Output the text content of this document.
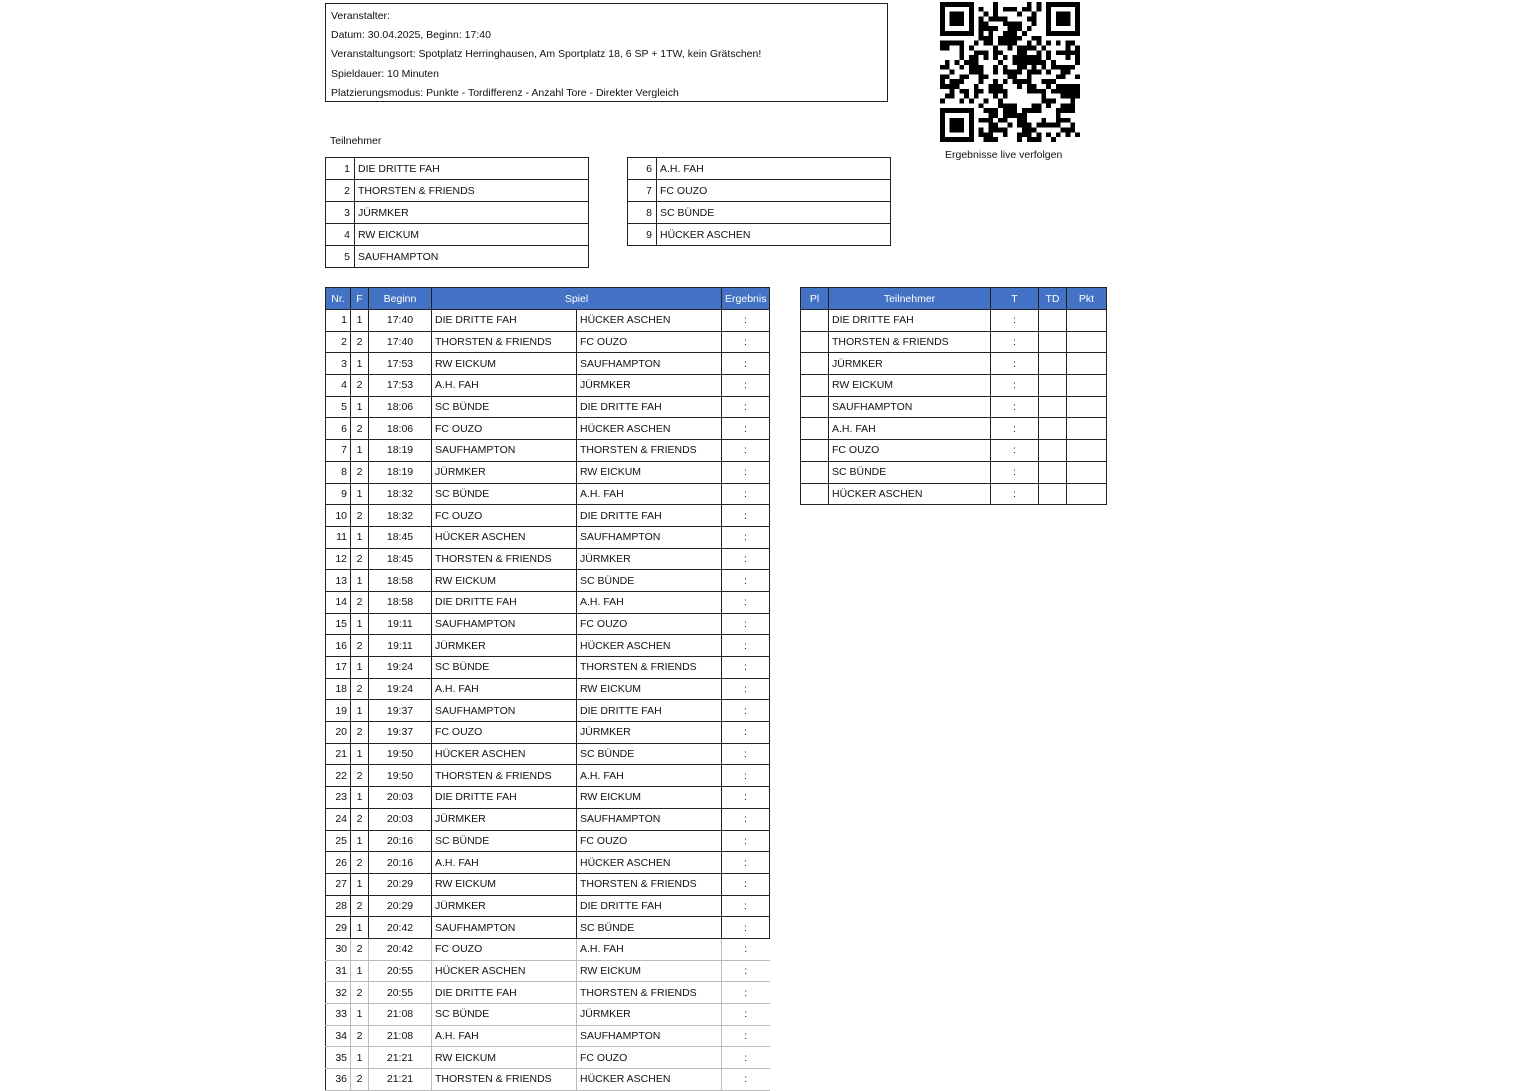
Veranstalter:
Datum: 30.04.2025, Beginn: 17:40
Veranstaltungsort: Spotplatz Herringhausen, Am Sportplatz 18, 6 SP + 1TW, kein Grätschen!
Spieldauer: 10 Minuten
Platzierungsmodus: Punkte - Tordifferenz - Anzahl Tore - Direkter Vergleich
Ergebnisse live verfolgen
Teilnehmer
1	DIE DRITTE FAH
2	THORSTEN & FRIENDS
3	JÜRMKER
4	RW EICKUM
5	SAUFHAMPTON
6	A.H. FAH
7	FC OUZO
8	SC BÜNDE
9	HÜCKER ASCHEN
Nr.	F	Beginn	Spiel		Ergebnis
1	1	17:40	DIE DRITTE FAH	HÜCKER ASCHEN	:
2	2	17:40	THORSTEN & FRIENDS	FC OUZO	:
3	1	17:53	RW EICKUM	SAUFHAMPTON	:
4	2	17:53	A.H. FAH	JÜRMKER	:
5	1	18:06	SC BÜNDE	DIE DRITTE FAH	:
6	2	18:06	FC OUZO	HÜCKER ASCHEN	:
7	1	18:19	SAUFHAMPTON	THORSTEN & FRIENDS	:
8	2	18:19	JÜRMKER	RW EICKUM	:
9	1	18:32	SC BÜNDE	A.H. FAH	:
10	2	18:32	FC OUZO	DIE DRITTE FAH	:
11	1	18:45	HÜCKER ASCHEN	SAUFHAMPTON	:
12	2	18:45	THORSTEN & FRIENDS	JÜRMKER	:
13	1	18:58	RW EICKUM	SC BÜNDE	:
14	2	18:58	DIE DRITTE FAH	A.H. FAH	:
15	1	19:11	SAUFHAMPTON	FC OUZO	:
16	2	19:11	JÜRMKER	HÜCKER ASCHEN	:
17	1	19:24	SC BÜNDE	THORSTEN & FRIENDS	:
18	2	19:24	A.H. FAH	RW EICKUM	:
19	1	19:37	SAUFHAMPTON	DIE DRITTE FAH	:
20	2	19:37	FC OUZO	JÜRMKER	:
21	1	19:50	HÜCKER ASCHEN	SC BÜNDE	:
22	2	19:50	THORSTEN & FRIENDS	A.H. FAH	:
23	1	20:03	DIE DRITTE FAH	RW EICKUM	:
24	2	20:03	JÜRMKER	SAUFHAMPTON	:
25	1	20:16	SC BÜNDE	FC OUZO	:
26	2	20:16	A.H. FAH	HÜCKER ASCHEN	:
27	1	20:29	RW EICKUM	THORSTEN & FRIENDS	:
28	2	20:29	JÜRMKER	DIE DRITTE FAH	:
29	1	20:42	SAUFHAMPTON	SC BÜNDE	:
30	2	20:42	FC OUZO	A.H. FAH	:
31	1	20:55	HÜCKER ASCHEN	RW EICKUM	:
32	2	20:55	DIE DRITTE FAH	THORSTEN & FRIENDS	:
33	1	21:08	SC BÜNDE	JÜRMKER	:
34	2	21:08	A.H. FAH	SAUFHAMPTON	:
35	1	21:21	RW EICKUM	FC OUZO	:
36	2	21:21	THORSTEN & FRIENDS	HÜCKER ASCHEN	:
Pl	Teilnehmer	T	TD	Pkt
	DIE DRITTE FAH	:		
	THORSTEN & FRIENDS	:		
	JÜRMKER	:		
	RW EICKUM	:		
	SAUFHAMPTON	:		
	A.H. FAH	:		
	FC OUZO	:		
	SC BÜNDE	:		
	HÜCKER ASCHEN	:		
